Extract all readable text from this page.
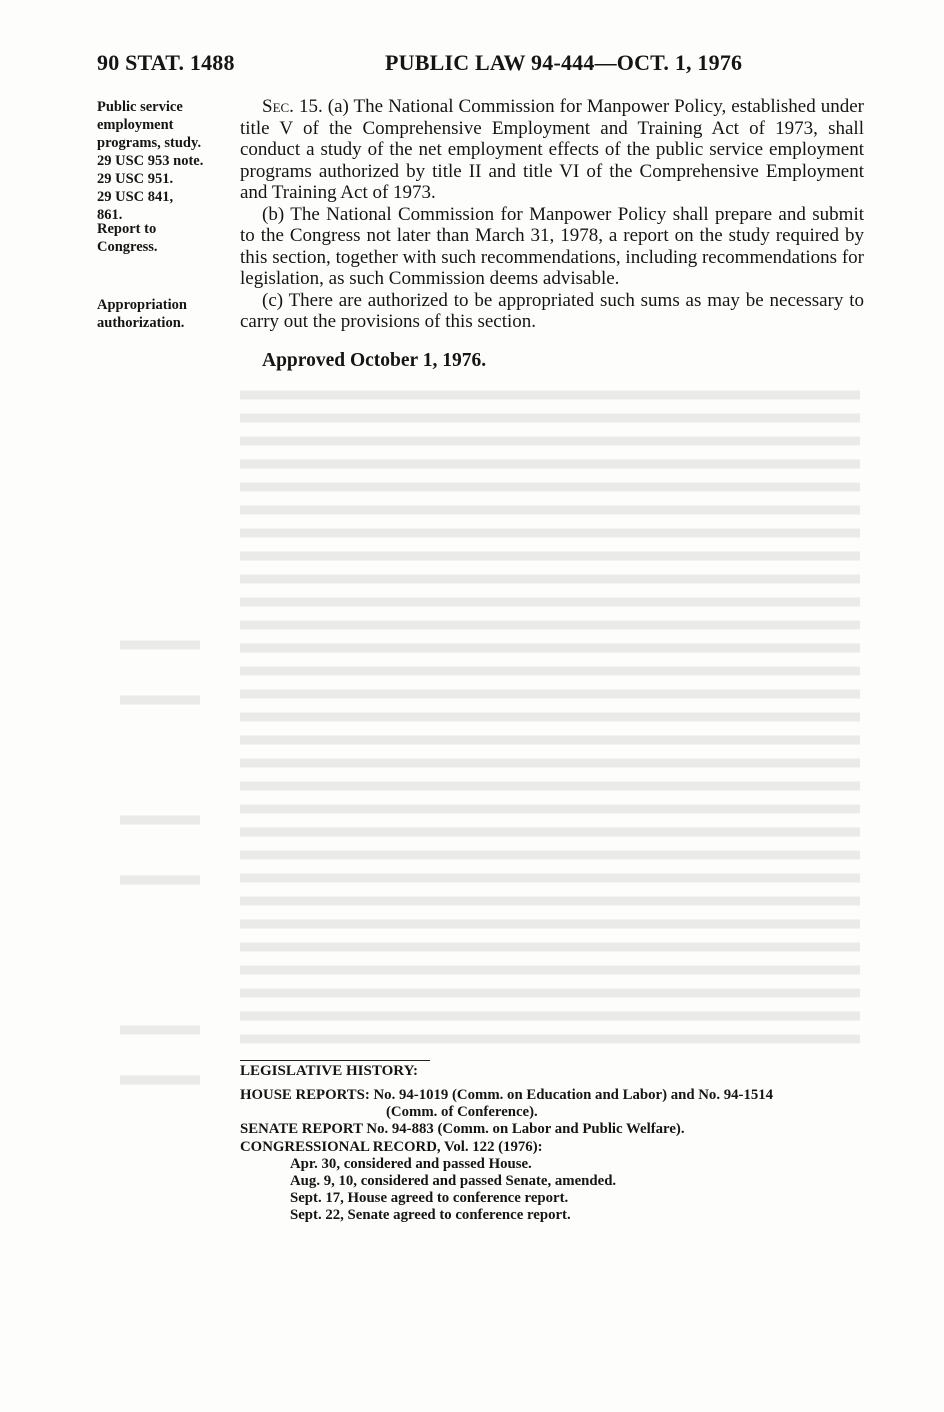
90 STAT. 1488	PUBLIC LAW 94-444—OCT. 1, 1976
Public service
employment
programs, study.
29 USC 953 note.
29 USC 951.
29 USC 841,
861.
Report to
Congress.
Appropriation
authorization.

Sec. 15. (a) The National Commission for Manpower Policy, established under title V of the Comprehensive Employment and Training Act of 1973, shall conduct a study of the net employment effects of the public service employment programs authorized by title II and title VI of the Comprehensive Employment and Training Act of 1973.

(b) The National Commission for Manpower Policy shall prepare and submit to the Congress not later than March 31, 1978, a report on the study required by this section, together with such recommendations, including recommendations for legislation, as such Commission deems advisable.

(c) There are authorized to be appropriated such sums as may be necessary to carry out the provisions of this section.

Approved October 1, 1976.
LEGISLATIVE HISTORY:
HOUSE REPORTS: No. 94-1019 (Comm. on Education and Labor) and No. 94-1514
(Comm. of Conference).
SENATE REPORT No. 94-883 (Comm. on Labor and Public Welfare).
CONGRESSIONAL RECORD, Vol. 122 (1976):
Apr. 30, considered and passed House.
Aug. 9, 10, considered and passed Senate, amended.
Sept. 17, House agreed to conference report.
Sept. 22, Senate agreed to conference report.
